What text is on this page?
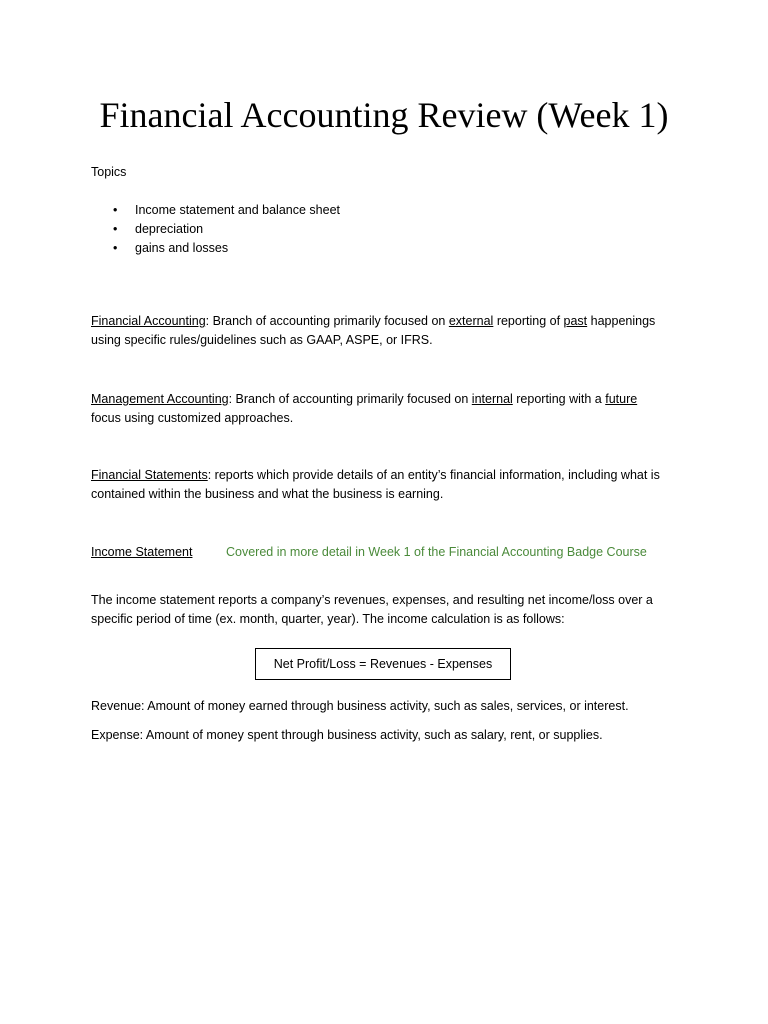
Financial Accounting Review (Week 1)
Topics
• Income statement and balance sheet
• depreciation
• gains and losses

Financial Accounting: Branch of accounting primarily focused on external reporting of past happenings
using specific rules/guidelines such as GAAP, ASPE, or IFRS.

Management Accounting: Branch of accounting primarily focused on internal reporting with a future
focus using customized approaches.

Financial Statements: reports which provide details of an entity’s financial information, including what is
contained within the business and what the business is earning.

Income Statement	Covered in more detail in Week 1 of the Financial Accounting Badge Course

The income statement reports a company’s revenues, expenses, and resulting net income/loss over a
specific period of time (ex. month, quarter, year). The income calculation is as follows:

Net Profit/Loss = Revenues - Expenses

Revenue: Amount of money earned through business activity, such as sales, services, or interest.

Expense: Amount of money spent through business activity, such as salary, rent, or supplies.
